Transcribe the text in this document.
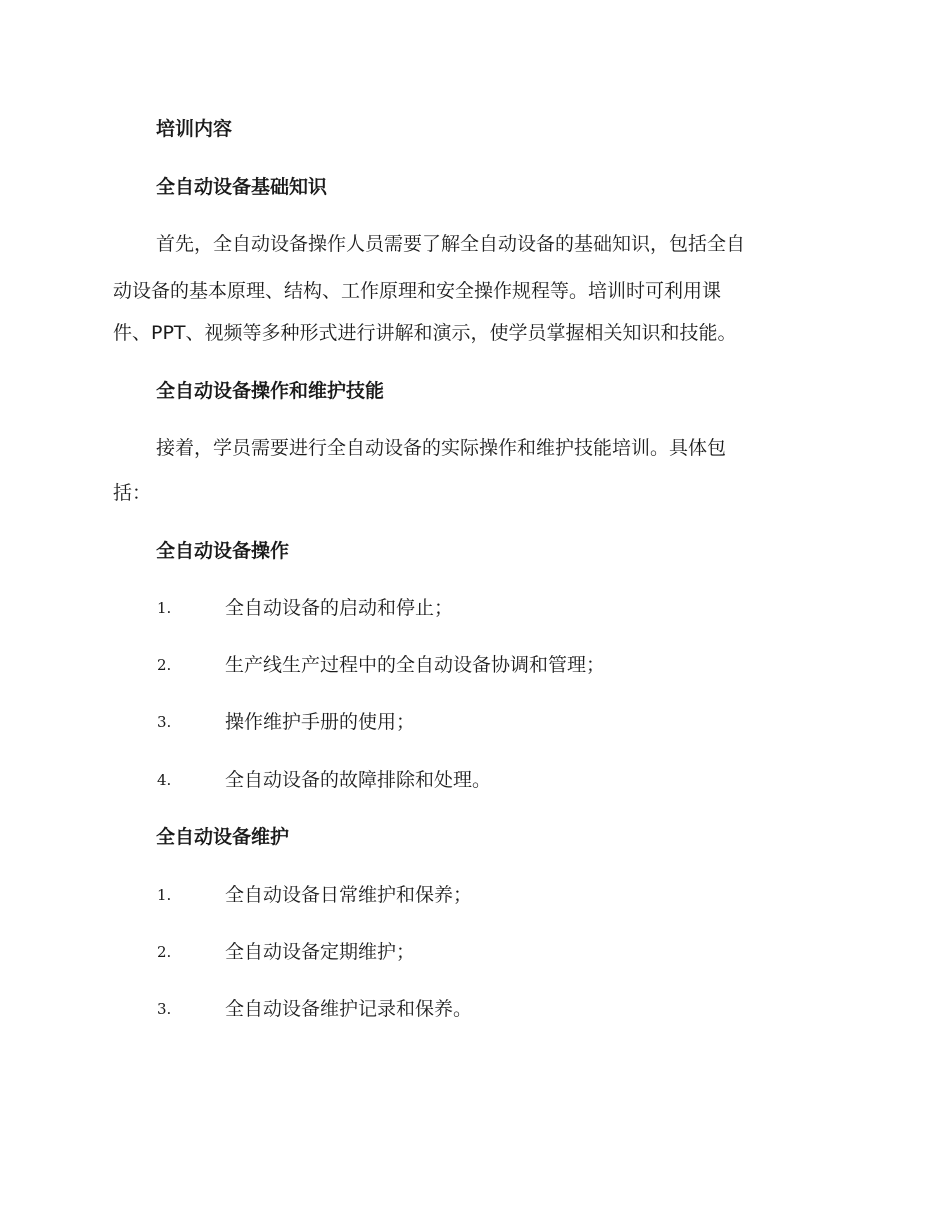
培训内容
全自动设备基础知识
首先，全自动设备操作人员需要了解全自动设备的基础知识，包括全自
动设备的基本原理、结构、工作原理和安全操作规程等。培训时可利用课
件、PPT、视频等多种形式进行讲解和演示，使学员掌握相关知识和技能。
全自动设备操作和维护技能
接着，学员需要进行全自动设备的实际操作和维护技能培训。具体包
括：
全自动设备操作
1.	全自动设备的启动和停止；
2.	生产线生产过程中的全自动设备协调和管理；
3.	操作维护手册的使用；
4.	全自动设备的故障排除和处理。
全自动设备维护
1.	全自动设备日常维护和保养；
2.	全自动设备定期维护；
3.	全自动设备维护记录和保养。
